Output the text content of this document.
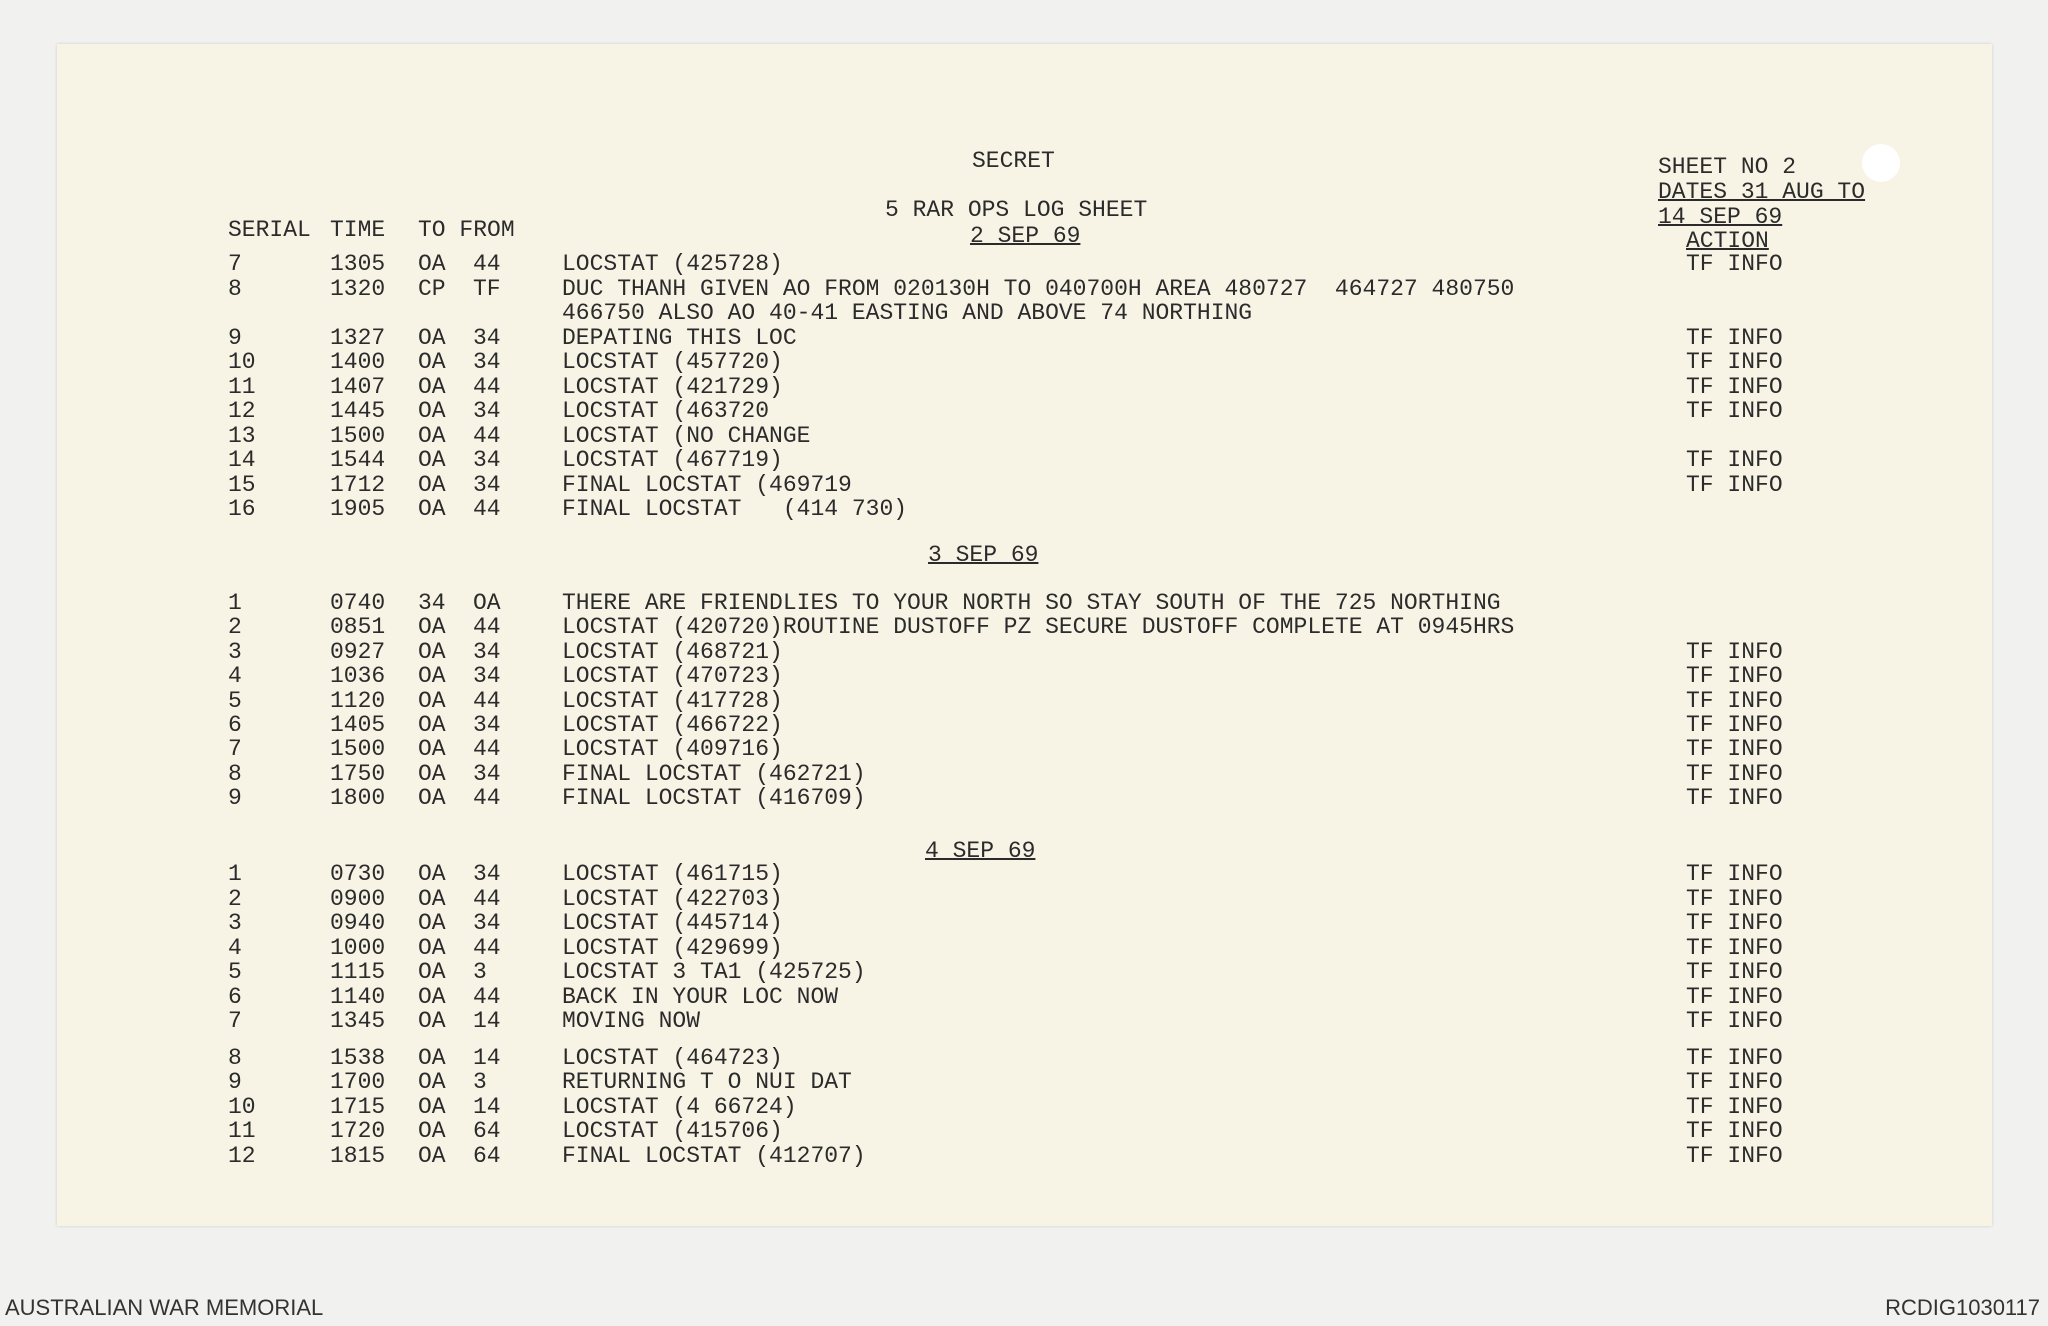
SECRET
5 RAR OPS LOG SHEET
2 SEP 69
SHEET NO 2
DATES 31 AUG TO
14 SEP 69
ACTION
SERIAL TIME TO FROM
7	1305 OA 44	LOCSTAT (425728)	TF INFO
8	1320 CP TF	DUC THANH GIVEN AO FROM 020130H TO 040700H AREA 480727  464727 480750
466750 ALSO AO 40-41 EASTING AND ABOVE 74 NORTHING
9	1327 OA 34	DEPATING THIS LOC	TF INFO
10	1400 OA 34	LOCSTAT (457720)	TF INFO
11	1407 OA 44	LOCSTAT (421729)	TF INFO
12	1445 OA 34	LOCSTAT (463720	TF INFO
13	1500 OA 44	LOCSTAT (NO CHANGE
14	1544 OA 34	LOCSTAT (467719)	TF INFO
15	1712 OA 34	FINAL LOCSTAT (469719	TF INFO
16	1905 OA 44	FINAL LOCSTAT   (414 730)
1	0740 34 OA	THERE ARE FRIENDLIES TO YOUR NORTH SO STAY SOUTH OF THE 725 NORTHING
2	0851 OA 44	LOCSTAT (420720)ROUTINE DUSTOFF PZ SECURE DUSTOFF COMPLETE AT 0945HRS
3	0927 OA 34	LOCSTAT (468721)	TF INFO
4	1036 OA 34	LOCSTAT (470723)	TF INFO
5	1120 OA 44	LOCSTAT (417728)	TF INFO
6	1405 OA 34	LOCSTAT (466722)	TF INFO
7	1500 OA 44	LOCSTAT (409716)	TF INFO
8	1750 OA 34	FINAL LOCSTAT (462721)	TF INFO
9	1800 OA 44	FINAL LOCSTAT (416709)	TF INFO
1	0730 OA 34	LOCSTAT (461715)	TF INFO
2	0900 OA 44	LOCSTAT (422703)	TF INFO
3	0940 OA 34	LOCSTAT (445714)	TF INFO
4	1000 OA 44	LOCSTAT (429699)	TF INFO
5	1115 OA 3	LOCSTAT 3 TA1 (425725)	TF INFO
6	1140 OA 44	BACK IN YOUR LOC NOW	TF INFO
7	1345 OA 14	MOVING NOW	TF INFO
8	1538 OA 14	LOCSTAT (464723)	TF INFO
9	1700 OA 3	RETURNING T O NUI DAT	TF INFO
10	1715 OA 14	LOCSTAT (4 66724)	TF INFO
11	1720 OA 64	LOCSTAT (415706)	TF INFO
12	1815 OA 64	FINAL LOCSTAT (412707)	TF INFO
3 SEP 69
4 SEP 69
AUSTRALIAN WAR MEMORIAL	RCDIG1030117
